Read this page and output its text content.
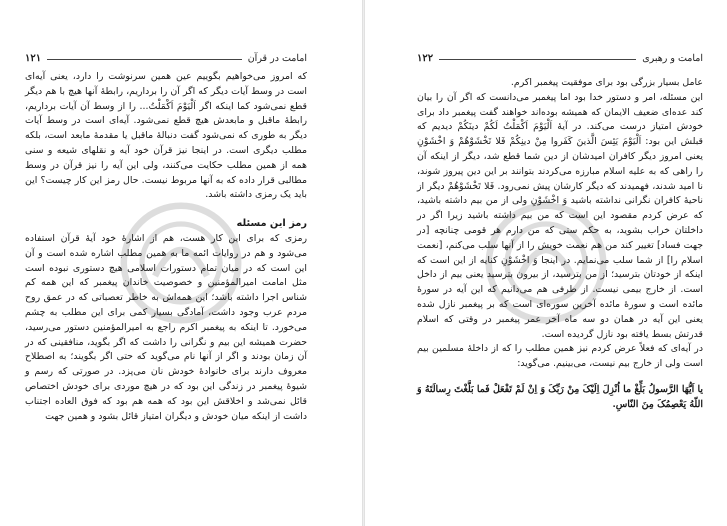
امامت در قرآن
۱۲۱

که امروز می‌خواهیم بگوییم عین همین سرنوشت را دارد، یعنی آیه‌ای است در وسط آیات دیگر که اگر آن را برداریم، رابطهٔ آنها هیچ با هم دیگر قطع نمی‌شود کما اینکه اگر اَلْیَوْمَ اَکْمَلْتُ... را از وسط آن آیات برداریم، رابطهٔ ماقبل و مابعدش هیچ قطع نمی‌شود. آیه‌ای است در وسط آیات دیگر به طوری که نمی‌شود گفت دنبالهٔ ماقبل یا مقدمهٔ مابعد است، بلکه مطلب دیگری است. در اینجا نیز قرآن خود آیه و نقلهای شیعه و سنی همه از همین مطلب حکایت می‌کنند، ولی این آیه را نیز قرآن در وسط مطالبی قرار داده که به آنها مربوط نیست. حال رمز این کار چیست؟ این باید یک رمزی داشته باشد.

رمز این مسئله

رمزی که برای این کار هست، هم از اشارهٔ خود آیهٔ قرآن استفاده می‌شود و هم در روایات ائمه ما به همین مطلب اشاره شده است و آن این است که در میان تمام دستورات اسلامی هیچ دستوری نبوده است مثل امامت امیرالمؤمنین و خصوصیت خاندان پیغمبر که این همه کم شناس اجرا داشته باشد؛ این همه‌اش به خاطر تعصباتی که در عمق روح مردم عرب وجود داشت، آمادگی بسیار کمی برای این مطلب به چشم می‌خورد. تا اینکه به پیغمبر اکرم راجع به امیرالمؤمنین دستور می‌رسید، حضرت همیشه این بیم و نگرانی را داشت که اگر بگوید، منافقینی که در آن زمان بودند و اگر از آنها نام می‌گوید که حتی اگر بگویند؛ به اصطلاح معروف دارند برای خانوادهٔ خودش نان می‌پزد. در صورتی که رسم و شیوهٔ پیغمبر در زندگی این بود که در هیچ موردی برای خودش اختصاص قائل نمی‌شد و اخلاقش این بود که همه هم بود که فوق العاده اجتناب داشت از اینکه میان خودش و دیگران امتیاز قائل بشود و همین جهت

۱۲۲	امامت و رهبری

عامل بسیار بزرگی بود برای موفقیت پیغمبر اکرم.

این مسئله، امر و دستور خدا بود اما پیغمبر می‌دانست که اگر آن را بیان کند عده‌ای ضعیف الایمان که همیشه بوده‌اند خواهند گفت پیغمبر داد برای خودش امتیاز درست می‌کند. در آیهٔ اَلْیَوْمَ اَکْمَلْتُ لَکُمْ دینَکُمْ دیدیم که قبلش این بود: اَلْیَوْمَ یَئِسَ الَّذینَ کَفَروا مِنْ دینِکُمْ فَلا تَخْشَوْهُمْ وَ اخْشَوْنِ یعنی امروز دیگر کافران امیدشان از دین شما قطع شد، دیگر از اینکه آن را راهی که به علیه اسلام مبارزه می‌کردند بتوانند بر این دین پیروز شوند، نا امید شدند، فهمیدند که دیگر کارشان پیش نمی‌رود. فَلا تَخْشَوْهُمْ دیگر از ناحیهٔ کافران نگرانی نداشته باشید وَ اخْشَوْنِ ولی از من بیم داشته باشید، که عرض کردم مقصود این است که من بیم داشته باشید زیرا اگر در داخلتان خراب بشوید، به حکم ستی که من دارم هر قومی چنانچه [در جهت فساد] تغییر کند من هم نعمت خویش را از آنها سلب می‌کنم، [نعمت اسلام را] از شما سلب می‌نمایم. در اینجا وَ اخْشَوْنِ کنایه از این است که اینکه از خودتان بترسید؛ از من بترسید، از بیرون بترسید یعنی بیم از داخل است. از خارج بیمی نیست. از طرفی هم می‌دانیم که این آیه در سورهٔ مائده است و سورهٔ مائده آخرین سوره‌ای است که بر پیغمبر نازل شده یعنی این آیه در همان دو سه ماه آخر عمر پیغمبر در وقتی که اسلام قدرتش بسط یافته بود نازل گردیده است.

در آیه‌ای که فعلاً عرض کردم نیز همین مطلب را که از داخلهٔ مسلمین بیم است ولی از خارج بیم نیست، می‌بینیم. می‌گوید:

یا اَیُّهَا الرَّسولُ بَلِّغْ ما اُنْزِلَ اِلَیْکَ مِنْ رَبِّکَ وَ اِنْ لَمْ تَفْعَلْ فَما بَلَّغْتَ رِسالَتَهُ وَ اللّهُ یَعْصِمُکَ مِنَ النّاسِ.
